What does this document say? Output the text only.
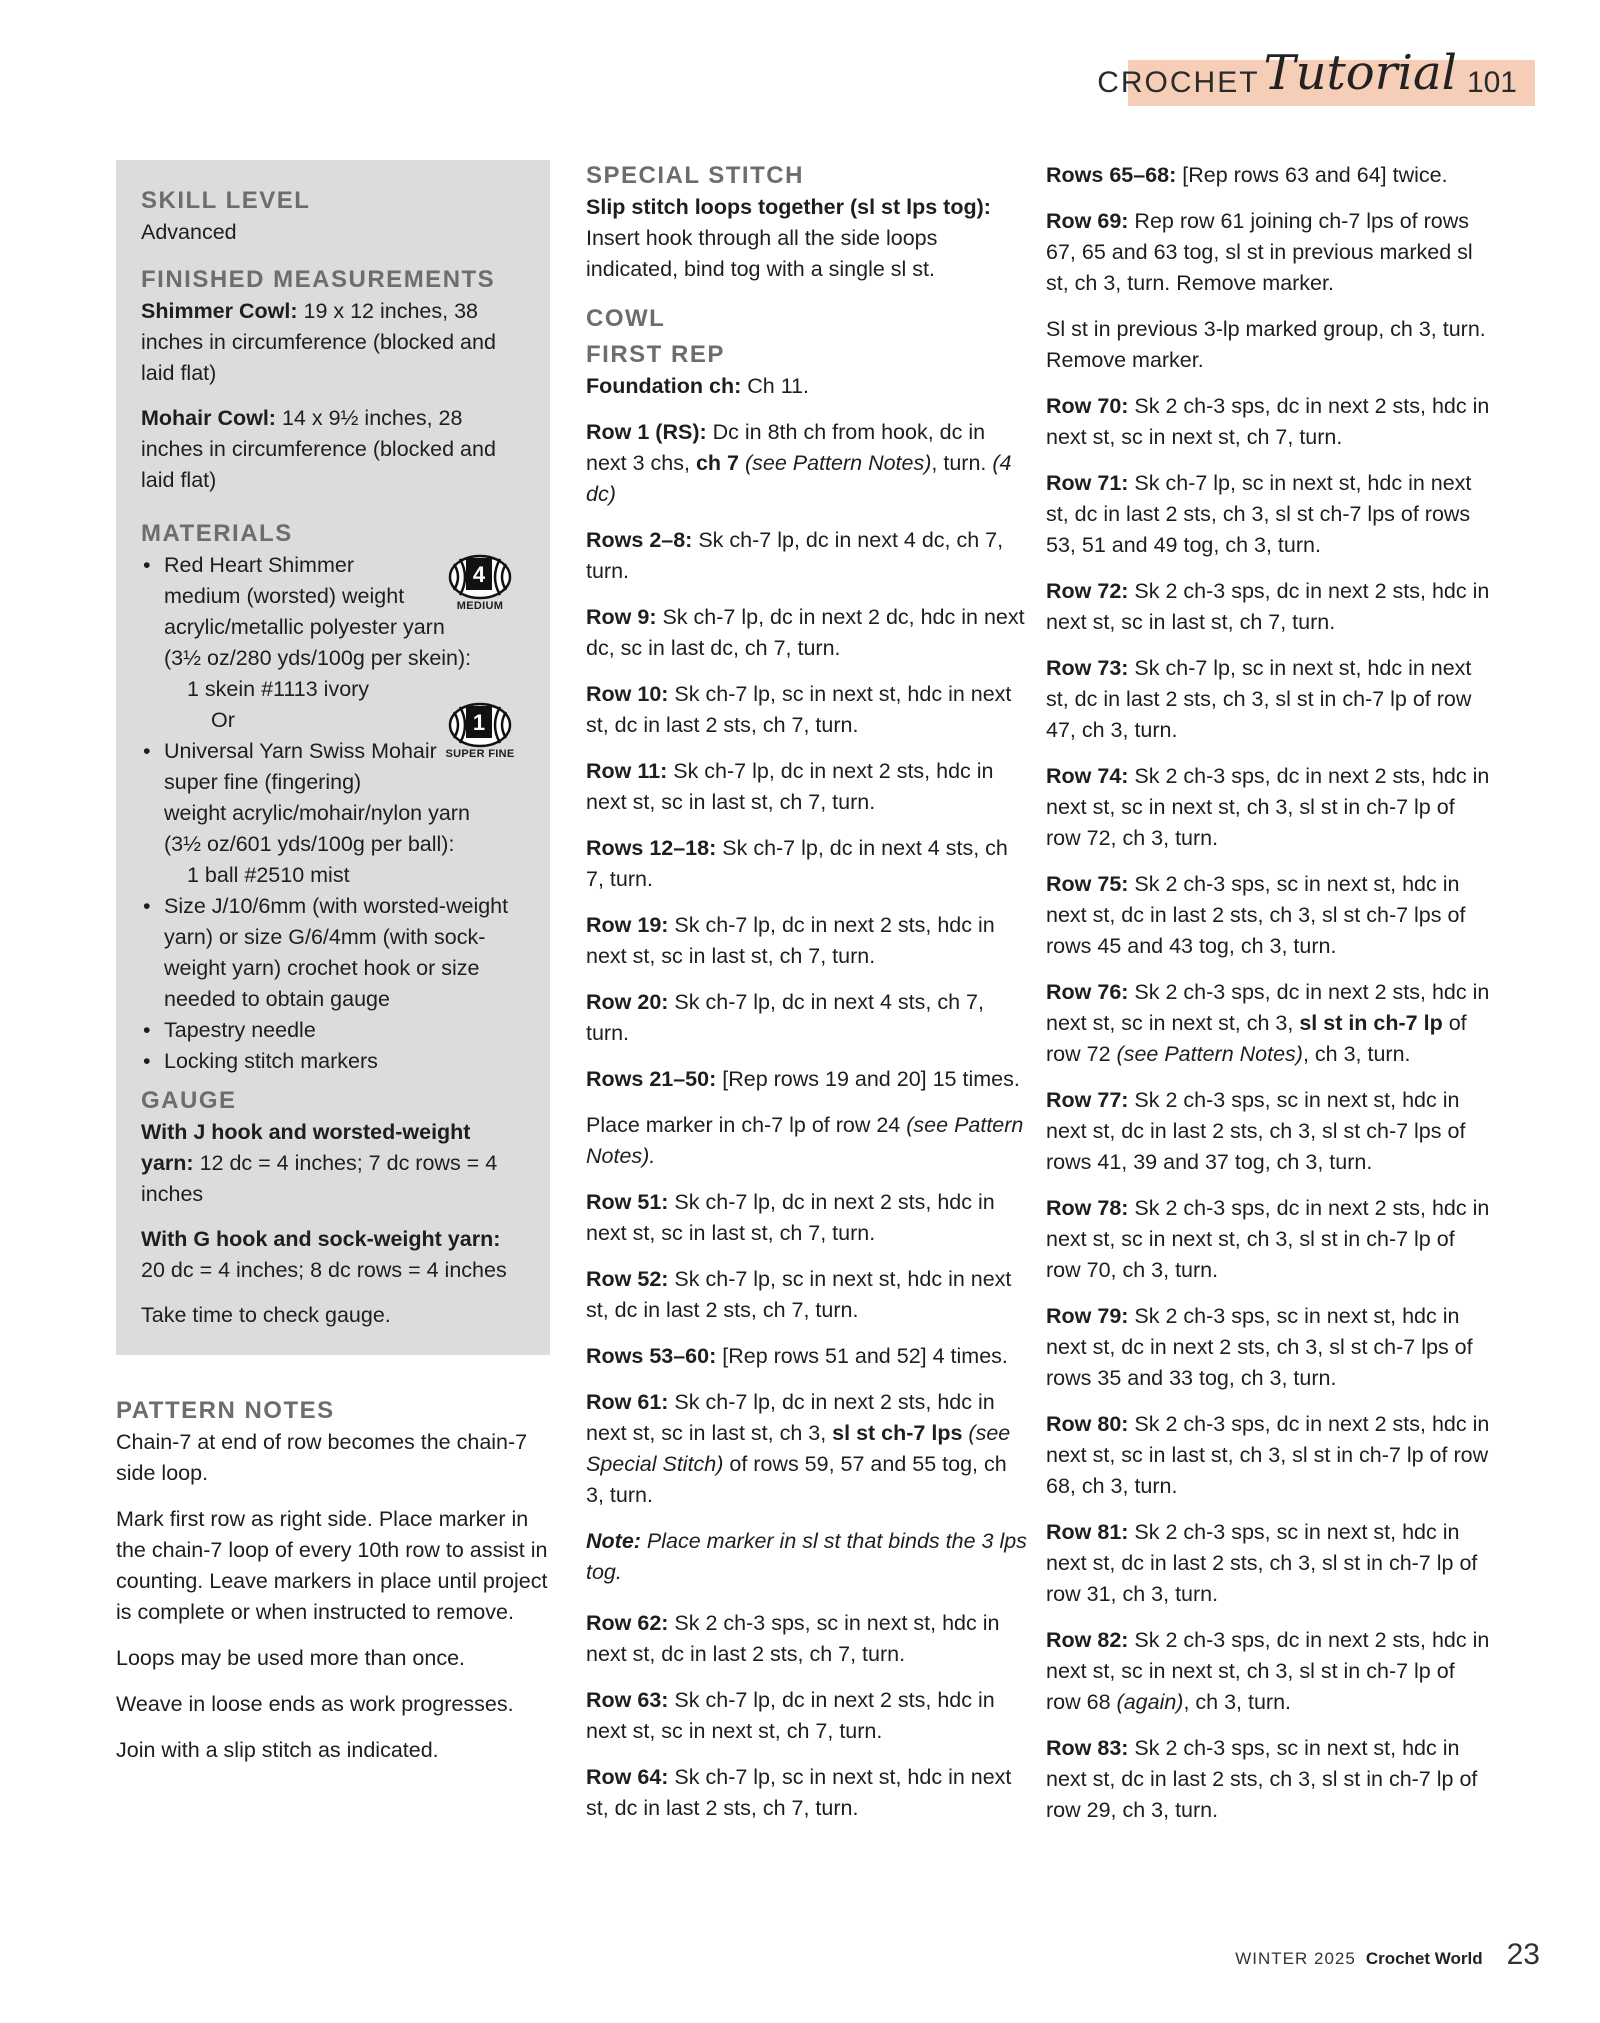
CROCHET Tutorial 101
SKILL LEVEL

Advanced

FINISHED MEASUREMENTS

Shimmer Cowl: 19 x 12 inches, 38 inches in circumference (blocked and laid flat)

Mohair Cowl: 14 x 9½ inches, 28 inches in circumference (blocked and laid flat)

MATERIALS
4
MEDIUM
1
SUPER FINE
• Red Heart Shimmer
medium (worsted) weight
acrylic/metallic polyester yarn
(3½ oz/280 yds/100g per skein):
1 skein #1113 ivory
Or
• Universal Yarn Swiss Mohair
super fine (fingering)
weight acrylic/mohair/nylon yarn
(3½ oz/601 yds/100g per ball):
1 ball #2510 mist
• Size J/10/6mm (with worsted-weight yarn) or size G/6/4mm (with sock-weight yarn) crochet hook or size needed to obtain gauge
• Tapestry needle
• Locking stitch markers
GAUGE

With J hook and worsted-weight yarn: 12 dc = 4 inches; 7 dc rows = 4 inches

With G hook and sock-weight yarn: 20 dc = 4 inches; 8 dc rows = 4 inches

Take time to check gauge.

PATTERN NOTES

Chain-7 at end of row becomes the chain-7 side loop.

Mark first row as right side. Place marker in the chain-7 loop of every 10th row to assist in counting. Leave markers in place until project is complete or when instructed to remove.

Loops may be used more than once.

Weave in loose ends as work progresses.

Join with a slip stitch as indicated.

SPECIAL STITCH

Slip stitch loops together (sl st lps tog): Insert hook through all the side loops indicated, bind tog with a single sl st.

COWL
FIRST REP

Foundation ch: Ch 11.

Row 1 (RS): Dc in 8th ch from hook, dc in next 3 chs, ch 7 (see Pattern Notes), turn. (4 dc)

Rows 2–8: Sk ch-7 lp, dc in next 4 dc, ch 7, turn.

Row 9: Sk ch-7 lp, dc in next 2 dc, hdc in next dc, sc in last dc, ch 7, turn.

Row 10: Sk ch-7 lp, sc in next st, hdc in next st, dc in last 2 sts, ch 7, turn.

Row 11: Sk ch-7 lp, dc in next 2 sts, hdc in next st, sc in last st, ch 7, turn.

Rows 12–18: Sk ch-7 lp, dc in next 4 sts, ch 7, turn.

Row 19: Sk ch-7 lp, dc in next 2 sts, hdc in next st, sc in last st, ch 7, turn.

Row 20: Sk ch-7 lp, dc in next 4 sts, ch 7, turn.

Rows 21–50: [Rep rows 19 and 20] 15 times.

Place marker in ch-7 lp of row 24 (see Pattern Notes).

Row 51: Sk ch-7 lp, dc in next 2 sts, hdc in next st, sc in last st, ch 7, turn.

Row 52: Sk ch-7 lp, sc in next st, hdc in next st, dc in last 2 sts, ch 7, turn.

Rows 53–60: [Rep rows 51 and 52] 4 times.

Row 61: Sk ch-7 lp, dc in next 2 sts, hdc in next st, sc in last st, ch 3, sl st ch-7 lps (see Special Stitch) of rows 59, 57 and 55 tog, ch 3, turn.

Note: Place marker in sl st that binds the 3 lps tog.

Row 62: Sk 2 ch-3 sps, sc in next st, hdc in next st, dc in last 2 sts, ch 7, turn.

Row 63: Sk ch-7 lp, dc in next 2 sts, hdc in next st, sc in next st, ch 7, turn.

Row 64: Sk ch-7 lp, sc in next st, hdc in next st, dc in last 2 sts, ch 7, turn.

Rows 65–68: [Rep rows 63 and 64] twice.

Row 69: Rep row 61 joining ch-7 lps of rows 67, 65 and 63 tog, sl st in previous marked sl st, ch 3, turn. Remove marker.

Sl st in previous 3-lp marked group, ch 3, turn. Remove marker.

Row 70: Sk 2 ch-3 sps, dc in next 2 sts, hdc in next st, sc in next st, ch 7, turn.

Row 71: Sk ch-7 lp, sc in next st, hdc in next st, dc in last 2 sts, ch 3, sl st ch-7 lps of rows 53, 51 and 49 tog, ch 3, turn.

Row 72: Sk 2 ch-3 sps, dc in next 2 sts, hdc in next st, sc in last st, ch 7, turn.

Row 73: Sk ch-7 lp, sc in next st, hdc in next st, dc in last 2 sts, ch 3, sl st in ch-7 lp of row 47, ch 3, turn.

Row 74: Sk 2 ch-3 sps, dc in next 2 sts, hdc in next st, sc in next st, ch 3, sl st in ch-7 lp of row 72, ch 3, turn.

Row 75: Sk 2 ch-3 sps, sc in next st, hdc in next st, dc in last 2 sts, ch 3, sl st ch-7 lps of rows 45 and 43 tog, ch 3, turn.

Row 76: Sk 2 ch-3 sps, dc in next 2 sts, hdc in next st, sc in next st, ch 3, sl st in ch-7 lp of row 72 (see Pattern Notes), ch 3, turn.

Row 77: Sk 2 ch-3 sps, sc in next st, hdc in next st, dc in last 2 sts, ch 3, sl st ch-7 lps of rows 41, 39 and 37 tog, ch 3, turn.

Row 78: Sk 2 ch-3 sps, dc in next 2 sts, hdc in next st, sc in next st, ch 3, sl st in ch-7 lp of row 70, ch 3, turn.

Row 79: Sk 2 ch-3 sps, sc in next st, hdc in next st, dc in next 2 sts, ch 3, sl st ch-7 lps of rows 35 and 33 tog, ch 3, turn.

Row 80: Sk 2 ch-3 sps, dc in next 2 sts, hdc in next st, sc in last st, ch 3, sl st in ch-7 lp of row 68, ch 3, turn.

Row 81: Sk 2 ch-3 sps, sc in next st, hdc in next st, dc in last 2 sts, ch 3, sl st in ch-7 lp of row 31, ch 3, turn.

Row 82: Sk 2 ch-3 sps, dc in next 2 sts, hdc in next st, sc in next st, ch 3, sl st in ch-7 lp of row 68 (again), ch 3, turn.

Row 83: Sk 2 ch-3 sps, sc in next st, hdc in next st, dc in last 2 sts, ch 3, sl st in ch-7 lp of row 29, ch 3, turn.

WINTER 2025 Crochet World 23
